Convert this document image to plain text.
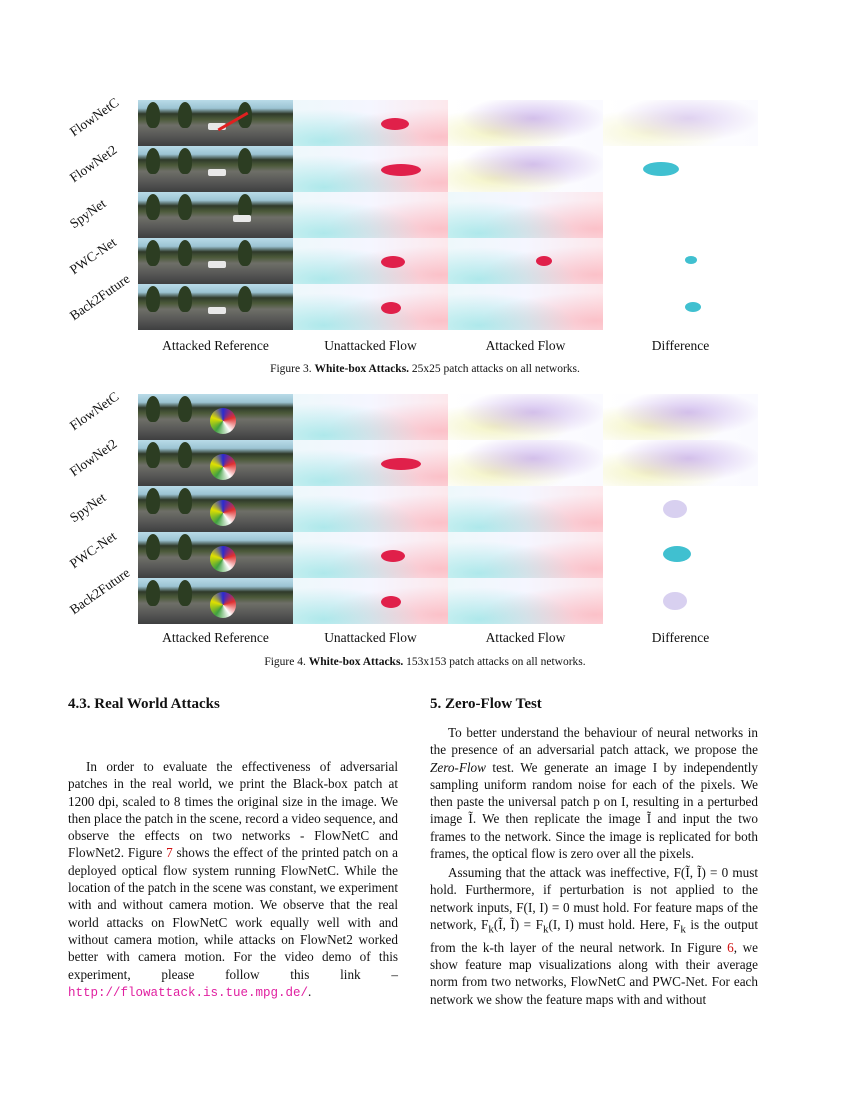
FlowNetC
FlowNet2
SpyNet
PWC-Net
Back2Future
Attacked Reference	Unattacked Flow	Attacked Flow	Difference
Figure 3. White-box Attacks. 25x25 patch attacks on all networks.
FlowNetC
FlowNet2
SpyNet
PWC-Net
Back2Future
Attacked Reference	Unattacked Flow	Attacked Flow	Difference
Figure 4. White-box Attacks. 153x153 patch attacks on all networks.
4.3. Real World Attacks
In order to evaluate the effectiveness of adversarial patches in the real world, we print the Black-box patch at 1200 dpi, scaled to 8 times the original size in the image. We then place the patch in the scene, record a video sequence, and observe the effects on two networks - FlowNetC and FlowNet2. Figure 7 shows the effect of the printed patch on a deployed optical flow system running FlowNetC. While the location of the patch in the scene was constant, we experiment with and without camera motion. We observe that the real world attacks on FlowNetC work equally well with and without camera motion, while attacks on FlowNet2 worked better with camera motion. For the video demo of this experiment, please follow this link – http://flowattack.is.tue.mpg.de/.
5. Zero-Flow Test
To better understand the behaviour of neural networks in the presence of an adversarial patch attack, we propose the Zero-Flow test. We generate an image I by independently sampling uniform random noise for each of the pixels. We then paste the universal patch p on I, resulting in a perturbed image Ĩ. We then replicate the image Ĩ and input the two frames to the network. Since the image is replicated for both frames, the optical flow is zero over all the pixels.
Assuming that the attack was ineffective, F(Ĩ, Ĩ) = 0 must hold. Furthermore, if perturbation is not applied to the network inputs, F(I, I) = 0 must hold. For feature maps of the network, $F_k(Ĩ$, Ĩ) = $F_k(I$, I) must hold. Here, $F_k$ is the output from the k-th layer of the neural network. In Figure 6, we show feature map visualizations along with their average norm from two networks, FlowNetC and PWC-Net. For each network we show the feature maps with and without
